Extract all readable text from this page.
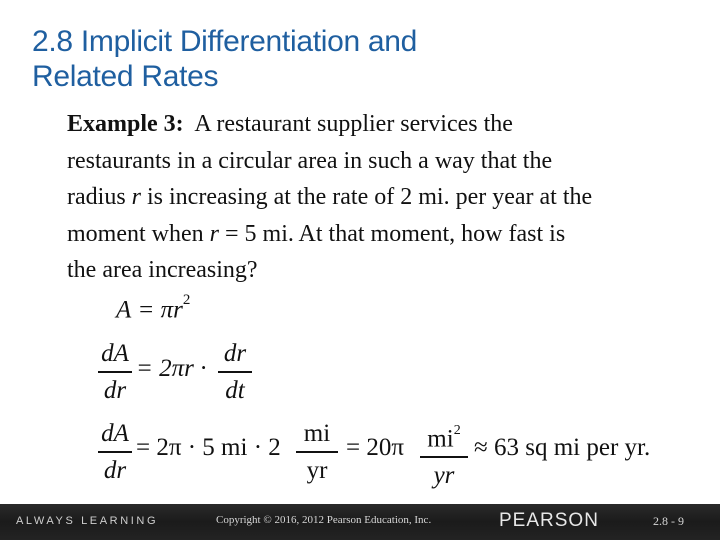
2.8 Implicit Differentiation and
Related Rates
Example 3: A restaurant supplier services the
restaurants in a circular area in such a way that the
radius r is increasing at the rate of 2 mi. per year at the
moment when r = 5 mi. At that moment, how fast is
the area increasing?
$A = \pi r^2$
dA
dr
= 2πr ·
dr
dt
dA
dr
= 2π · 5 mi · 2
mi
yr
= 20π $mi^2$
yr
≈ 63 sq mi per yr.
ALWAYS LEARNING	Copyright © 2016, 2012 Pearson Education, Inc.	PEARSON	2.8 - 9
